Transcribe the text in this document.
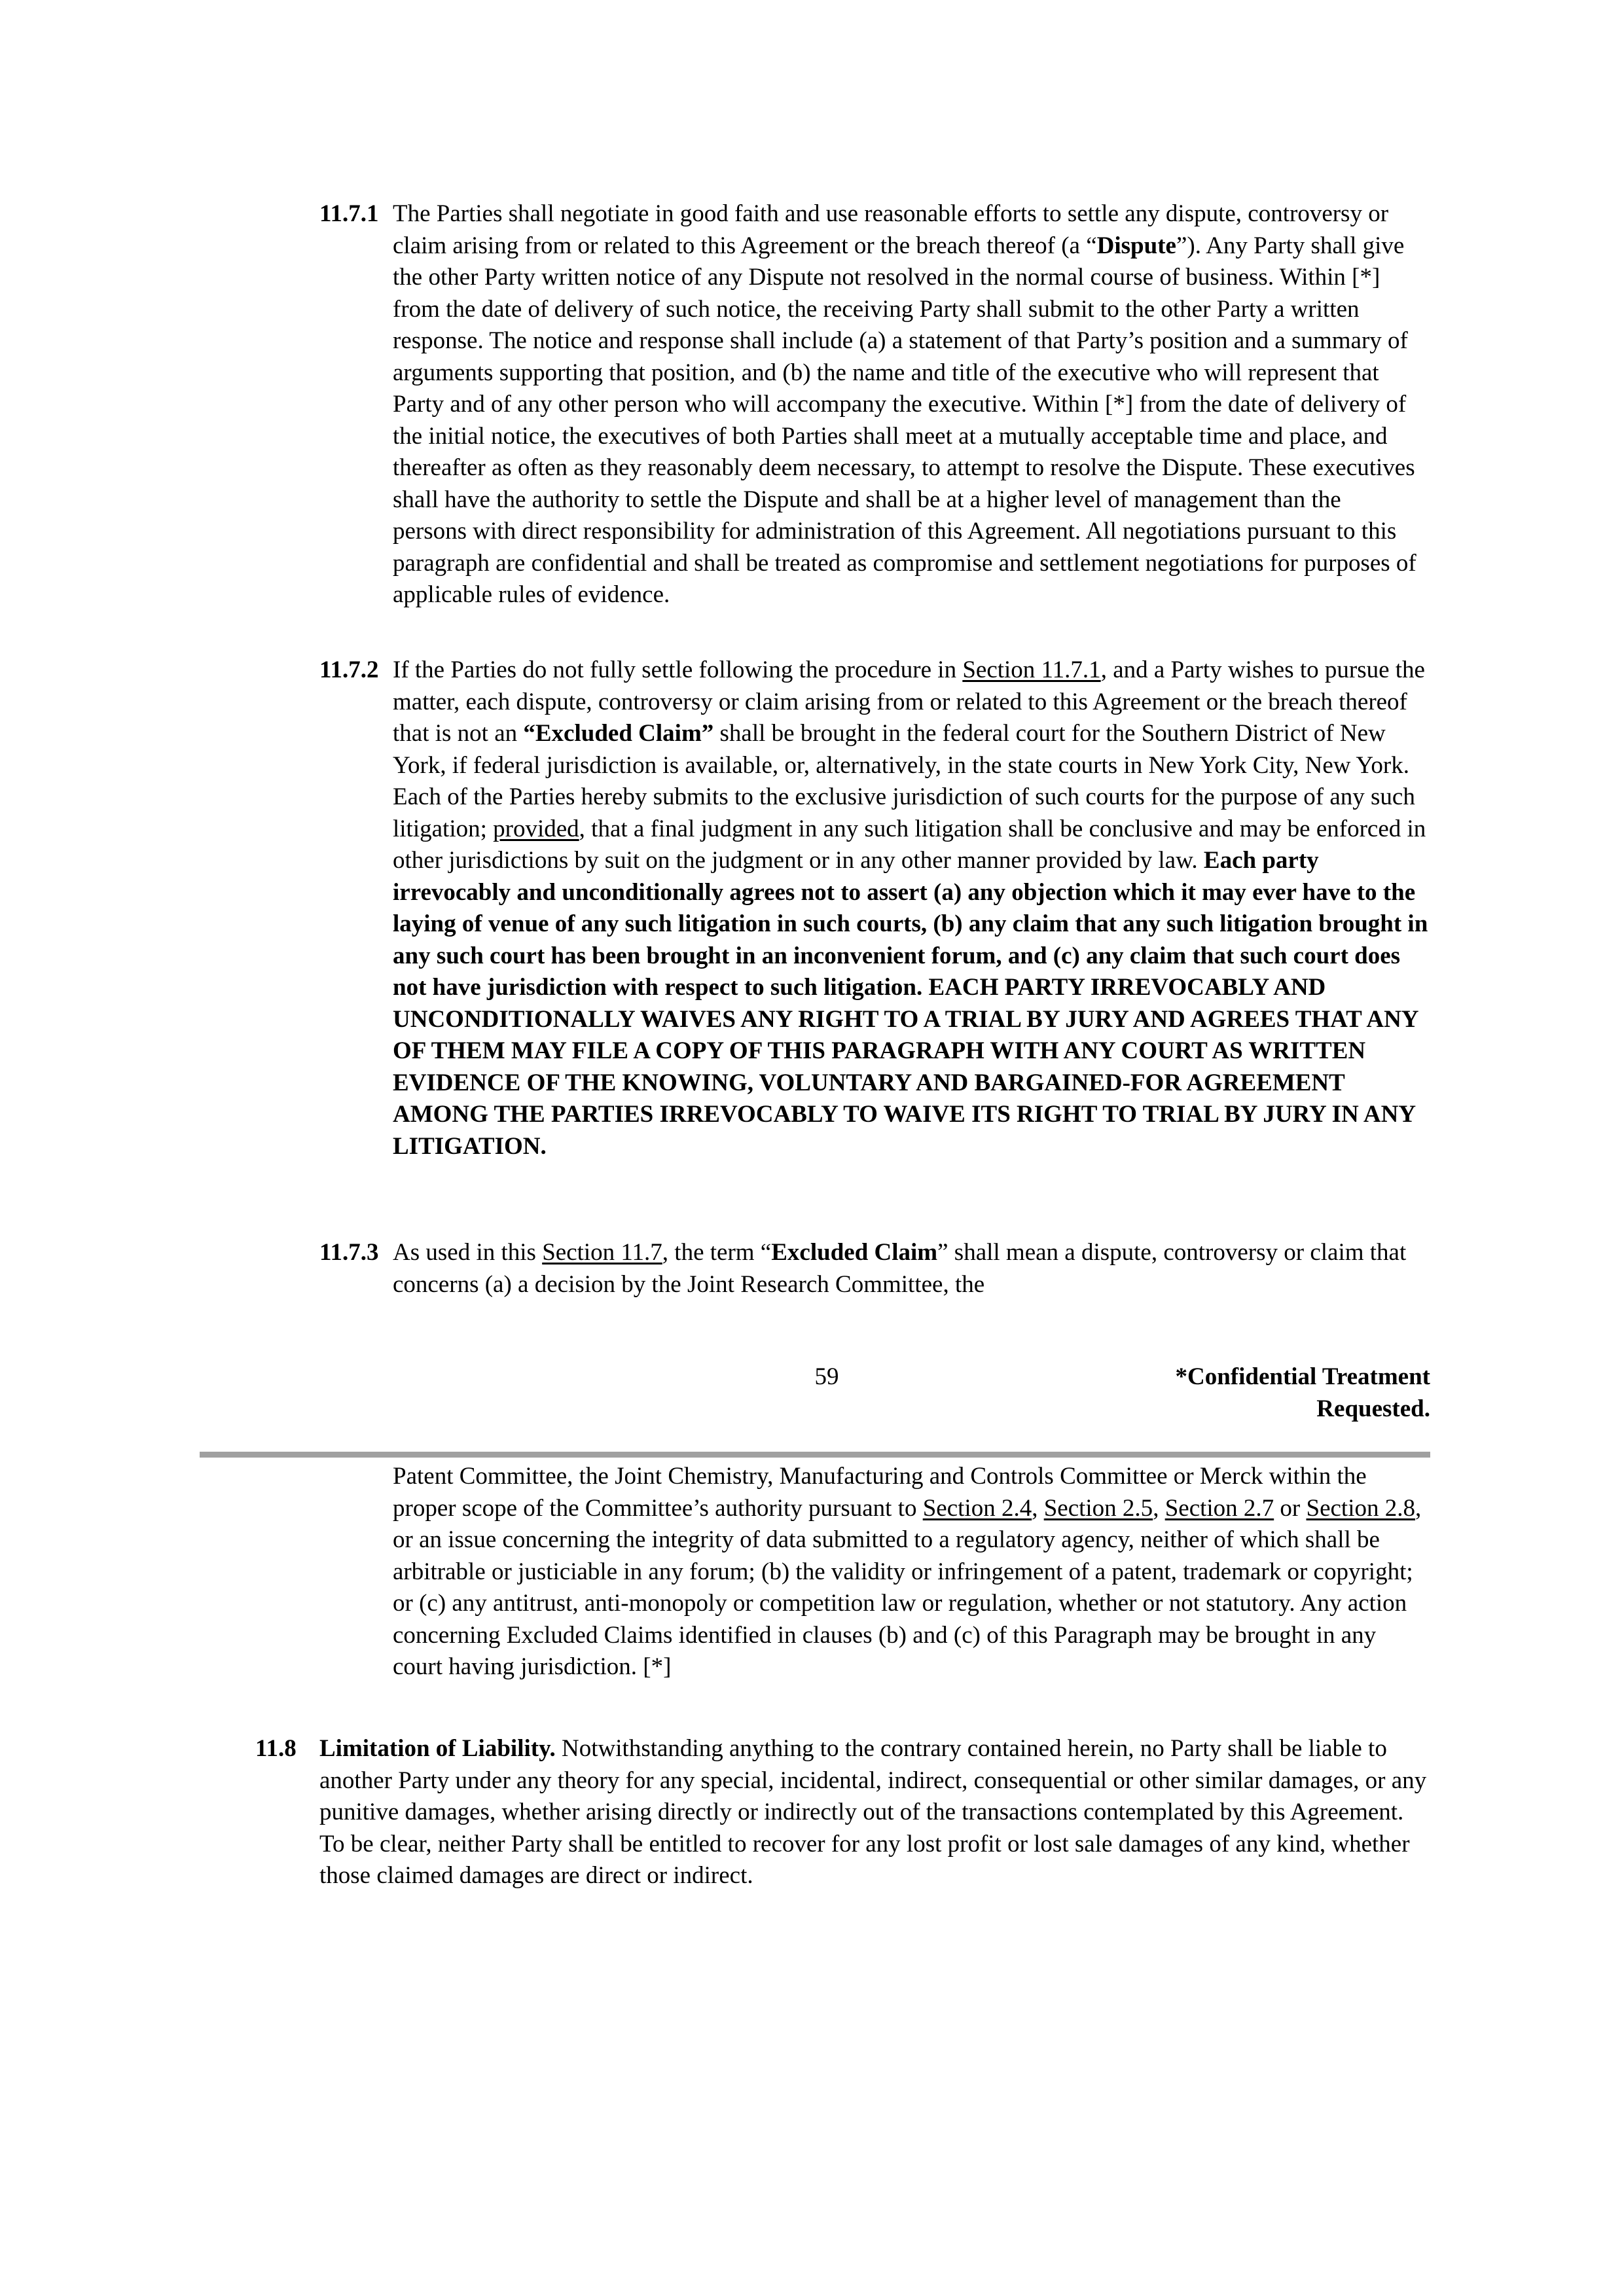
11.7.1 The Parties shall negotiate in good faith and use reasonable efforts to settle any dispute, controversy or claim arising from or related to this Agreement or the breach thereof (a “Dispute”). Any Party shall give the other Party written notice of any Dispute not resolved in the normal course of business. Within [*] from the date of delivery of such notice, the receiving Party shall submit to the other Party a written response. The notice and response shall include (a) a statement of that Party’s position and a summary of arguments supporting that position, and (b) the name and title of the executive who will represent that Party and of any other person who will accompany the executive. Within [*] from the date of delivery of the initial notice, the executives of both Parties shall meet at a mutually acceptable time and place, and thereafter as often as they reasonably deem necessary, to attempt to resolve the Dispute. These executives shall have the authority to settle the Dispute and shall be at a higher level of management than the persons with direct responsibility for administration of this Agreement. All negotiations pursuant to this paragraph are confidential and shall be treated as compromise and settlement negotiations for purposes of applicable rules of evidence.

11.7.2 If the Parties do not fully settle following the procedure in Section 11.7.1, and a Party wishes to pursue the matter, each dispute, controversy or claim arising from or related to this Agreement or the breach thereof that is not an “Excluded Claim” shall be brought in the federal court for the Southern District of New York, if federal jurisdiction is available, or, alternatively, in the state courts in New York City, New York. Each of the Parties hereby submits to the exclusive jurisdiction of such courts for the purpose of any such litigation; provided, that a final judgment in any such litigation shall be conclusive and may be enforced in other jurisdictions by suit on the judgment or in any other manner provided by law. Each party irrevocably and unconditionally agrees not to assert (a) any objection which it may ever have to the laying of venue of any such litigation in such courts, (b) any claim that any such litigation brought in any such court has been brought in an inconvenient forum, and (c) any claim that such court does not have jurisdiction with respect to such litigation. EACH PARTY IRREVOCABLY AND UNCONDITIONALLY WAIVES ANY RIGHT TO A TRIAL BY JURY AND AGREES THAT ANY OF THEM MAY FILE A COPY OF THIS PARAGRAPH WITH ANY COURT AS WRITTEN EVIDENCE OF THE KNOWING, VOLUNTARY AND BARGAINED-FOR AGREEMENT AMONG THE PARTIES IRREVOCABLY TO WAIVE ITS RIGHT TO TRIAL BY JURY IN ANY LITIGATION.

11.7.3 As used in this Section 11.7, the term “Excluded Claim” shall mean a dispute, controversy or claim that concerns (a) a decision by the Joint Research Committee, the

59	*Confidential Treatment
Requested.

Patent Committee, the Joint Chemistry, Manufacturing and Controls Committee or Merck within the proper scope of the Committee’s authority pursuant to Section 2.4, Section 2.5, Section 2.7 or Section 2.8, or an issue concerning the integrity of data submitted to a regulatory agency, neither of which shall be arbitrable or justiciable in any forum; (b) the validity or infringement of a patent, trademark or copyright; or (c) any antitrust, anti-monopoly or competition law or regulation, whether or not statutory. Any action concerning Excluded Claims identified in clauses (b) and (c) of this Paragraph may be brought in any court having jurisdiction. [*]

11.8 Limitation of Liability. Notwithstanding anything to the contrary contained herein, no Party shall be liable to another Party under any theory for any special, incidental, indirect, consequential or other similar damages, or any punitive damages, whether arising directly or indirectly out of the transactions contemplated by this Agreement. To be clear, neither Party shall be entitled to recover for any lost profit or lost sale damages of any kind, whether those claimed damages are direct or indirect.
